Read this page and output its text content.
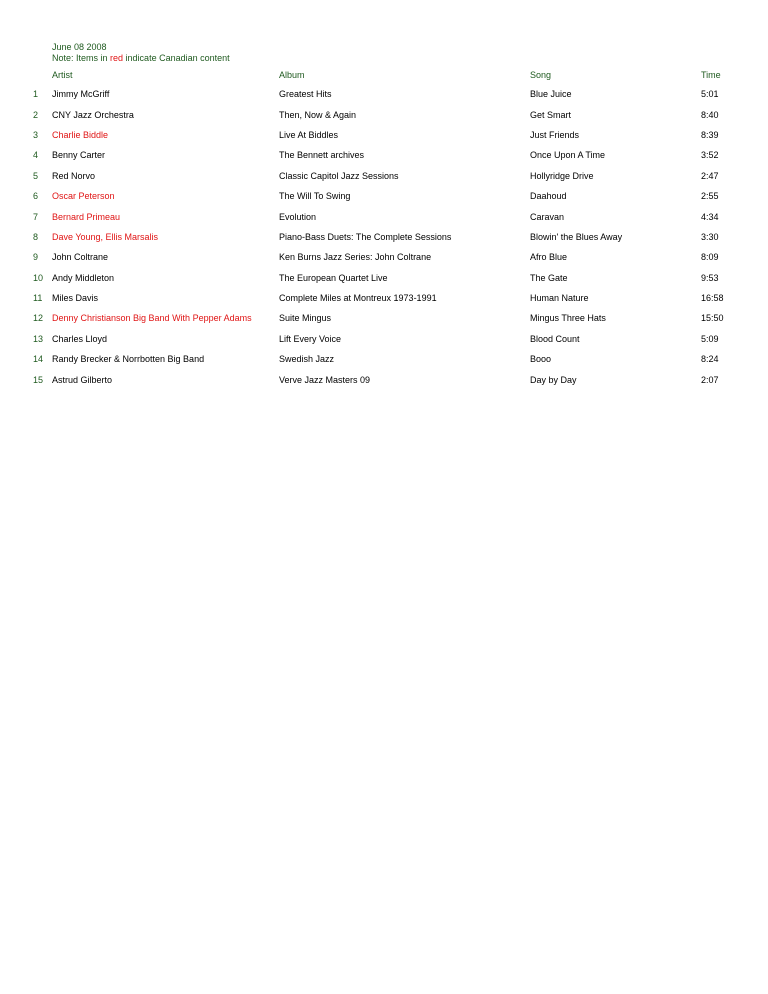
June 08 2008
Note: Items in red indicate Canadian content
	Artist	Album	Song	Time
1	Jimmy McGriff	Greatest Hits	Blue Juice	5:01
2	CNY Jazz Orchestra	Then, Now & Again	Get Smart	8:40
3	Charlie Biddle	Live At Biddles	Just Friends	8:39
4	Benny Carter	The Bennett archives	Once Upon A Time	3:52
5	Red Norvo	Classic Capitol Jazz Sessions	Hollyridge Drive	2:47
6	Oscar Peterson	The Will To Swing	Daahoud	2:55
7	Bernard Primeau	Evolution	Caravan	4:34
8	Dave Young, Ellis Marsalis	Piano-Bass Duets: The Complete Sessions	Blowin' the Blues Away	3:30
9	John Coltrane	Ken Burns Jazz Series: John Coltrane	Afro Blue	8:09
10	Andy Middleton	The European Quartet Live	The Gate	9:53
11	Miles Davis	Complete Miles at Montreux 1973-1991	Human Nature	16:58
12	Denny Christianson Big Band With Pepper Adams	Suite Mingus	Mingus Three Hats	15:50
13	Charles Lloyd	Lift Every Voice	Blood Count	5:09
14	Randy Brecker & Norrbotten Big Band	Swedish Jazz	Booo	8:24
15	Astrud Gilberto	Verve Jazz Masters 09	Day by Day	2:07
